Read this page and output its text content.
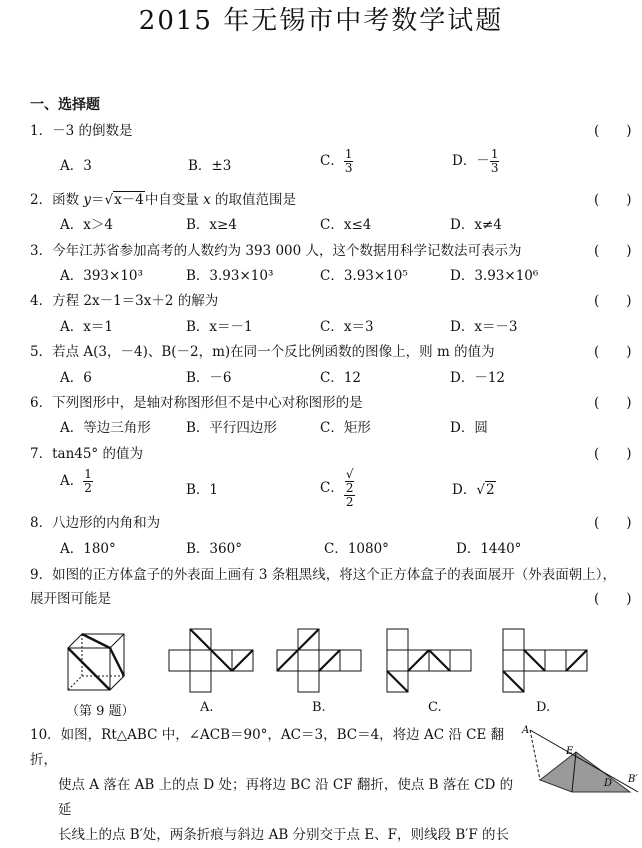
2015 年无锡市中考数学试题
一、选择题
1．－3 的倒数是	(　　)
A．3	B．±3	C． $\frac{1}{3}$	D．－ $\frac{1}{3}$
2．函数 y＝√x－4中自变量 x 的取值范围是	(　　)
A．x＞4	B．x≥4	C．x≤4	D．x≠4
3．今年江苏省参加高考的人数约为 393 000 人，这个数据用科学记数法可表示为	(　　)
A．393×10³	B．3.93×10³	C．3.93×10⁵	D．3.93×10⁶
4．方程 2x－1＝3x＋2 的解为	(　　)
A．x＝1	B．x＝－1	C．x＝3	D．x＝－3
5．若点 A(3，－4)、B(－2，m)在同一个反比例函数的图像上，则 m 的值为	(　　)
A．6	B．－6	C．12	D．－12
6．下列图形中，是轴对称图形但不是中心对称图形的是	(　　)
A．等边三角形	B．平行四边形	C．矩形	D．圆
7．tan45° 的值为	(　　)
A． $\frac{1}{2}$	B．1	C． √
2
2	D．√2
8．八边形的内角和为	(　　)
A．180°	B．360°	C．1080°	D．1440°
9．如图的正方体盒子的外表面上画有 3 条粗黑线，将这个正方体盒子的表面展开（外表面朝上），
展开图可能是	(　　)
（第 9 题）	A.	B.	C.	D.
10．如图，Rt△ABC 中，∠ACB＝90°，AC＝3，BC＝4，将边 AC 沿 CE 翻折，
使点 A 落在 AB 上的点 D 处；再将边 BC 沿 CF 翻折，使点 B 落在 CD 的延
长线上的点 B′处，两条折痕与斜边 AB 分别交于点 E、F，则线段 B′F 的长
A
E
D B′
